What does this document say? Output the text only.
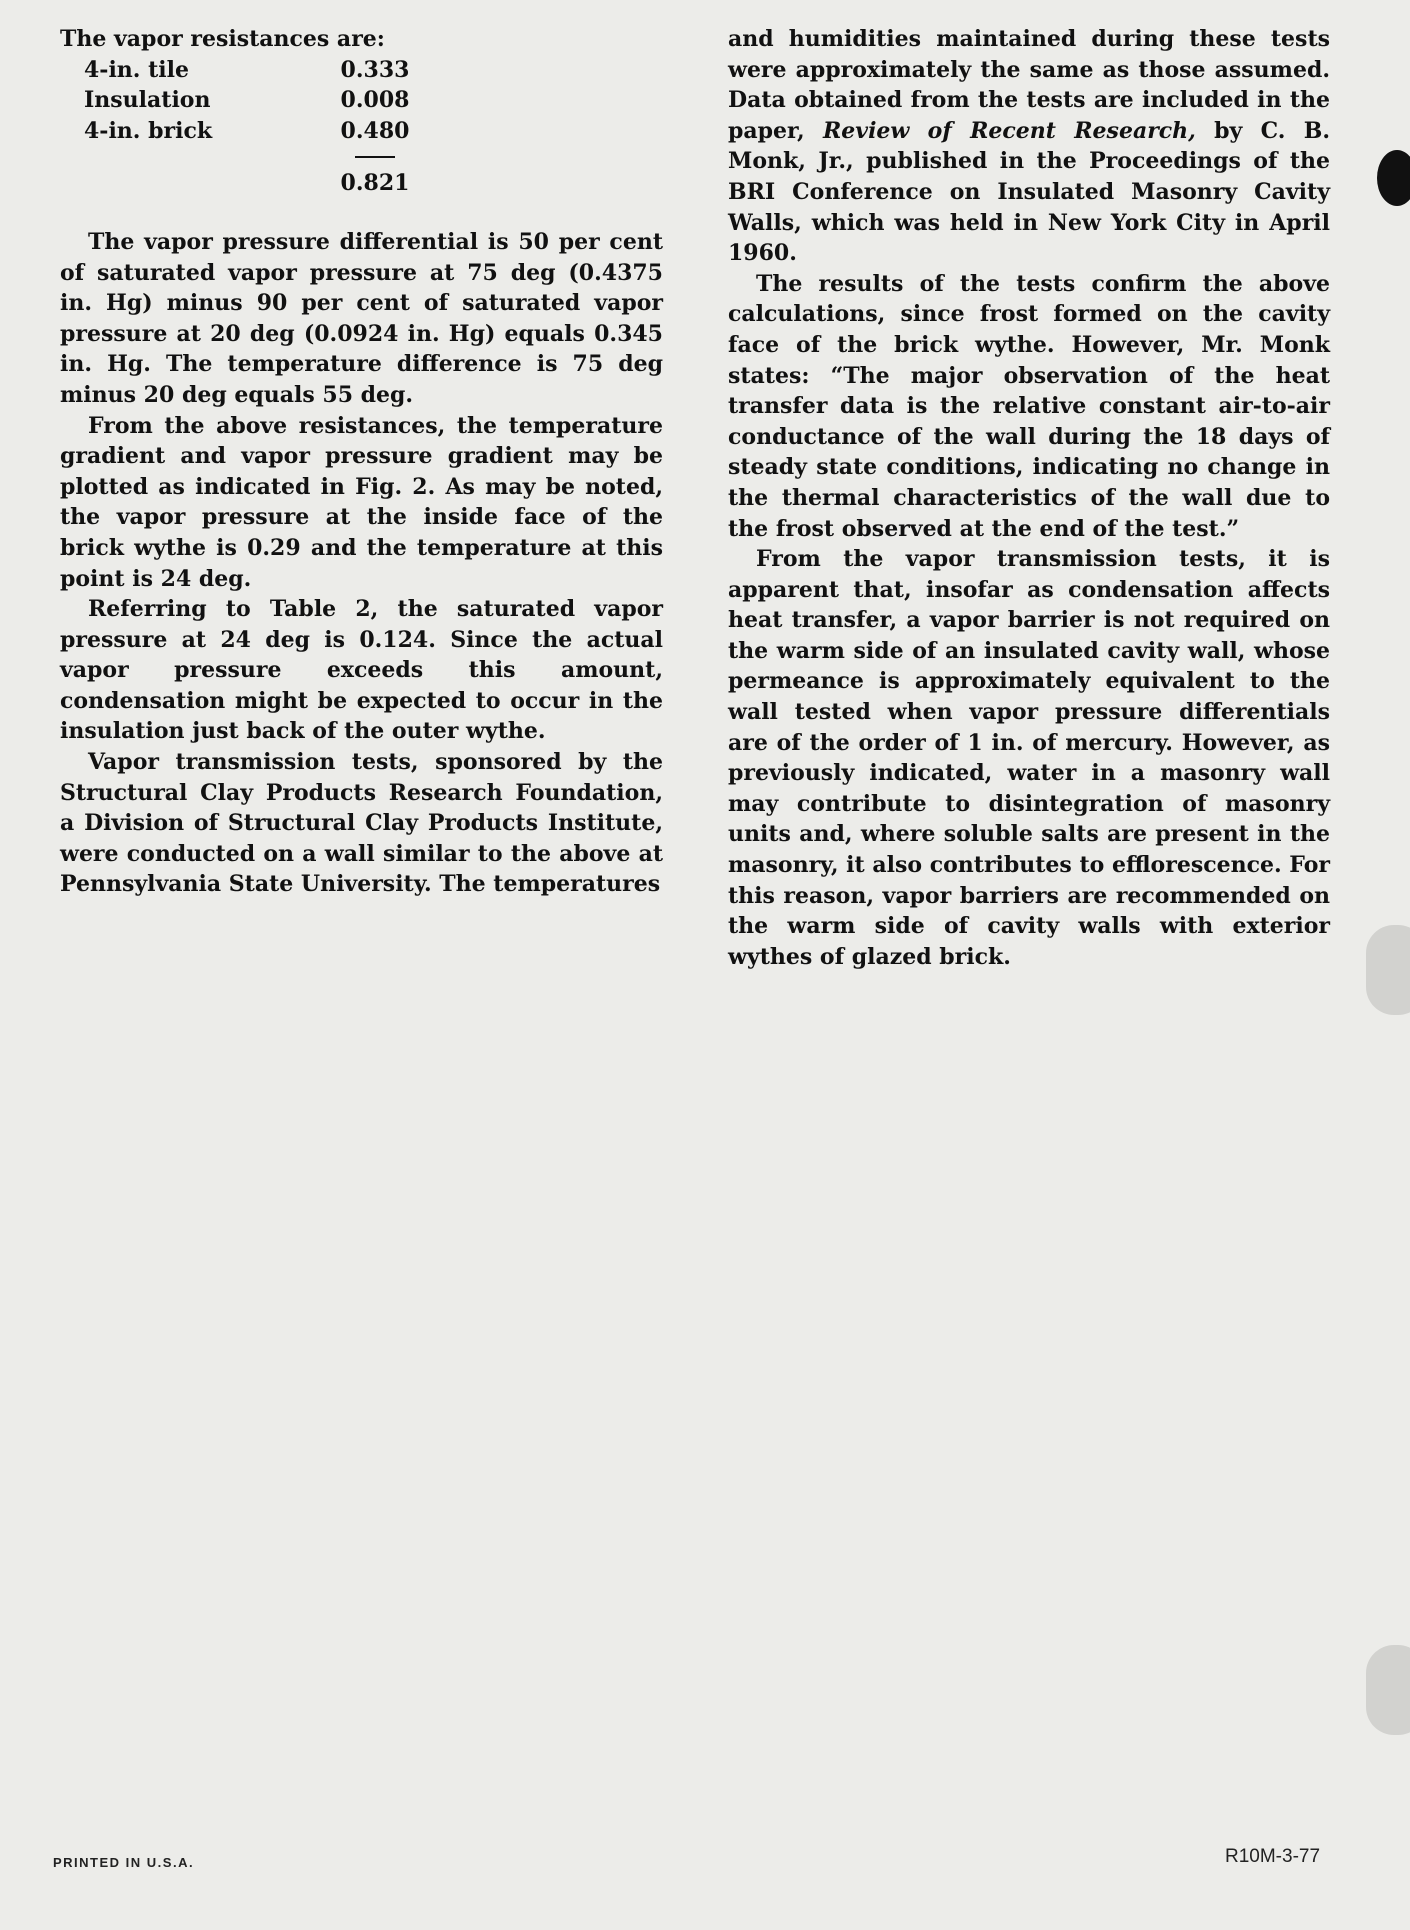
The vapor resistances are:
4-in. tile	0.333
Insulation	0.008
4-in. brick	0.480

	0.821

The vapor pressure differential is 50 per cent of saturated vapor pressure at 75 deg (0.4375 in. Hg) minus 90 per cent of saturated vapor pressure at 20 deg (0.0924 in. Hg) equals 0.345 in. Hg. The temperature difference is 75 deg minus 20 deg equals 55 deg.

From the above resistances, the temperature gradient and vapor pressure gradient may be plotted as indicated in Fig. 2. As may be noted, the vapor pressure at the inside face of the brick wythe is 0.29 and the temperature at this point is 24 deg.

Referring to Table 2, the saturated vapor pressure at 24 deg is 0.124. Since the actual vapor pressure exceeds this amount, condensation might be expected to occur in the insulation just back of the outer wythe.

Vapor transmission tests, sponsored by the Structural Clay Products Research Foundation, a Division of Structural Clay Products Institute, were conducted on a wall similar to the above at Pennsylvania State University. The temperatures

and humidities maintained during these tests were approximately the same as those assumed. Data obtained from the tests are included in the paper, Review of Recent Research, by C. B. Monk, Jr., published in the Proceedings of the BRI Conference on Insulated Masonry Cavity Walls, which was held in New York City in April 1960.

The results of the tests confirm the above calculations, since frost formed on the cavity face of the brick wythe. However, Mr. Monk states: “The major observation of the heat transfer data is the relative constant air-to-air conductance of the wall during the 18 days of steady state conditions, indicating no change in the thermal characteristics of the wall due to the frost observed at the end of the test.”

From the vapor transmission tests, it is apparent that, insofar as condensation affects heat transfer, a vapor barrier is not required on the warm side of an insulated cavity wall, whose permeance is approximately equivalent to the wall tested when vapor pressure differentials are of the order of 1 in. of mercury. However, as previously indicated, water in a masonry wall may contribute to disintegration of masonry units and, where soluble salts are present in the masonry, it also contributes to efflorescence. For this reason, vapor barriers are recommended on the warm side of cavity walls with exterior wythes of glazed brick.

PRINTED IN U.S.A.	R10M-3-77
